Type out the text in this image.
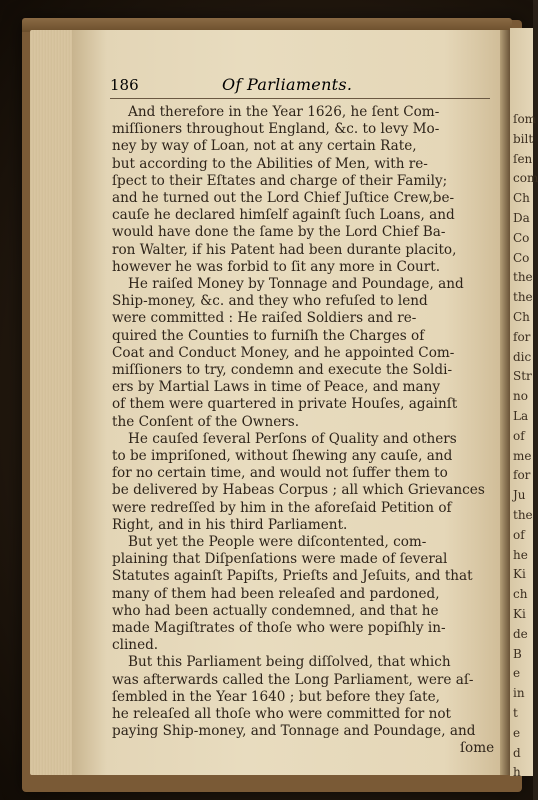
ſom
bilt
ſen
com
Ch
Da
Co
Co
the
the
Ch
for
dic
Str
no
La
of
me
for
Ju
the
of
he
Ki
ch
Ki
de
B
e
in
t
e
d
h
186	Of Parliaments.
And therefore in the Year 1626, he ſent Com-
miſſioners throughout England, &c. to levy Mo-
ney by way of Loan, not at any certain Rate,
but according to the Abilities of Men, with re-
ſpect to their Eſtates and charge of their Family;
and he turned out the Lord Chief Juſtice Crew,be-
cauſe he declared himſelf againſt ſuch Loans, and
would have done the ſame by the Lord Chief Ba-
ron Walter, if his Patent had been durante placito,
however he was forbid to ſit any more in Court.
He raiſed Money by Tonnage and Poundage, and
Ship-money, &c. and they who refuſed to lend
were committed : He raiſed Soldiers and re-
quired the Counties to furniſh the Charges of
Coat and Conduct Money, and he appointed Com-
miſſioners to try, condemn and execute the Soldi-
ers by Martial Laws in time of Peace, and many
of them were quartered in private Houſes, againſt
the Conſent of the Owners.
He cauſed ſeveral Perſons of Quality and others
to be impriſoned, without ſhewing any cauſe, and
for no certain time, and would not ſuffer them to
be delivered by Habeas Corpus ; all which Grievances
were redreſſed by him in the aforeſaid Petition of
Right, and in his third Parliament.
But yet the People were diſcontented, com-
plaining that Diſpenſations were made of ſeveral
Statutes againſt Papiſts, Prieſts and Jeſuits, and that
many of them had been releaſed and pardoned,
who had been actually condemned, and that he
made Magiſtrates of thoſe who were popiſhly in-
clined.
But this Parliament being diſſolved, that which
was afterwards called the Long Parliament, were aſ-
ſembled in the Year 1640 ; but before they ſate,
he releaſed all thoſe who were committed for not
paying Ship-money, and Tonnage and Poundage, and
ſome
